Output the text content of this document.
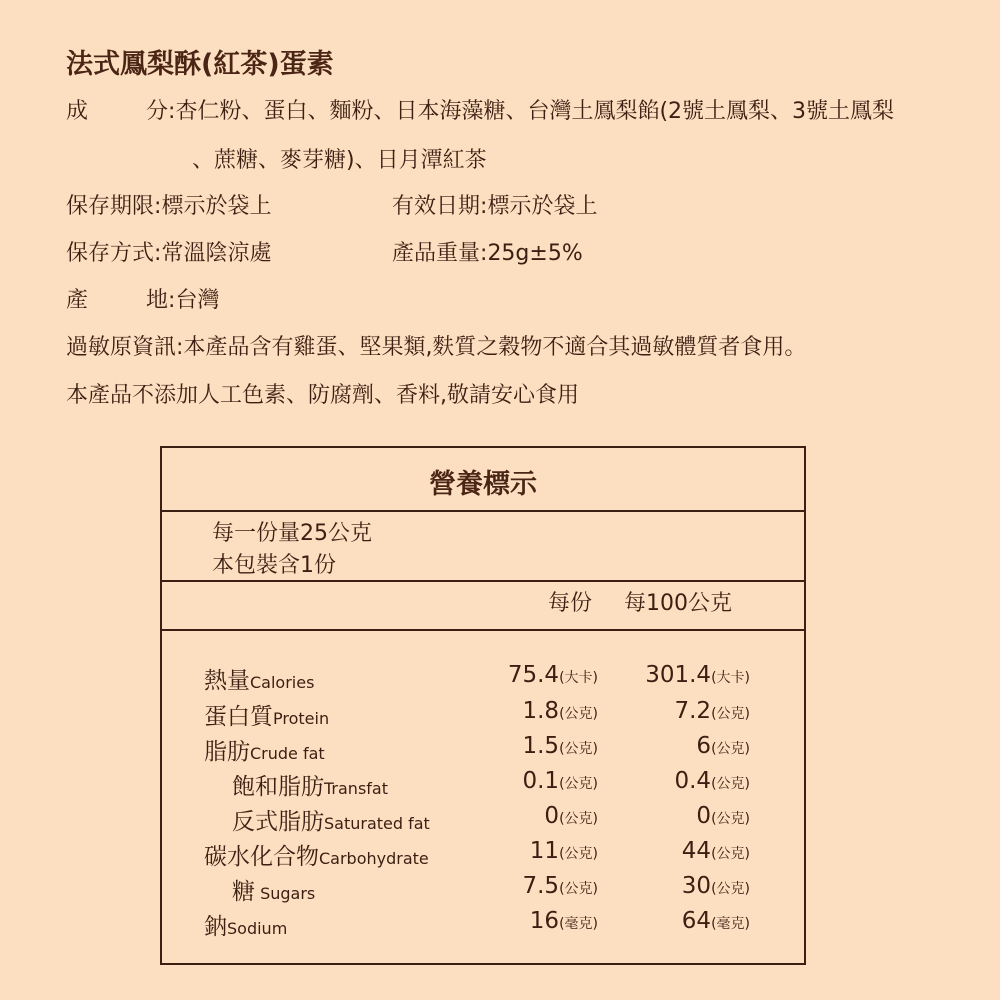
法式鳳梨酥(紅茶)蛋素
成	分:杏仁粉、蛋白、麵粉、日本海藻糖、台灣土鳳梨餡(2號土鳳梨、3號土鳳梨
、蔗糖、麥芽糖)、日月潭紅茶
保存期限:標示於袋上	有效日期:標示於袋上
保存方式:常溫陰涼處	產品重量:25g±5%
產	地:台灣
過敏原資訊:本產品含有雞蛋、堅果類,麩質之穀物不適合其過敏體質者食用。
本產品不添加人工色素、防腐劑、香料,敬請安心食用
營養標示
每一份量25公克
本包裝含1份
每份 每100公克
熱量Calories	75.4(大卡) 301.4(大卡)
蛋白質Protein	1.8(公克)	7.2(公克)
脂肪Crude fat	1.5(公克)	6(公克)
飽和脂肪Transfat	0.1(公克)	0.4(公克)
反式脂肪Saturated fat	0(公克)	0(公克)
碳水化合物Carbohydrate	11(公克)	44(公克)
糖 Sugars	7.5(公克)	30(公克)
鈉Sodium	16(毫克)	64(毫克)
